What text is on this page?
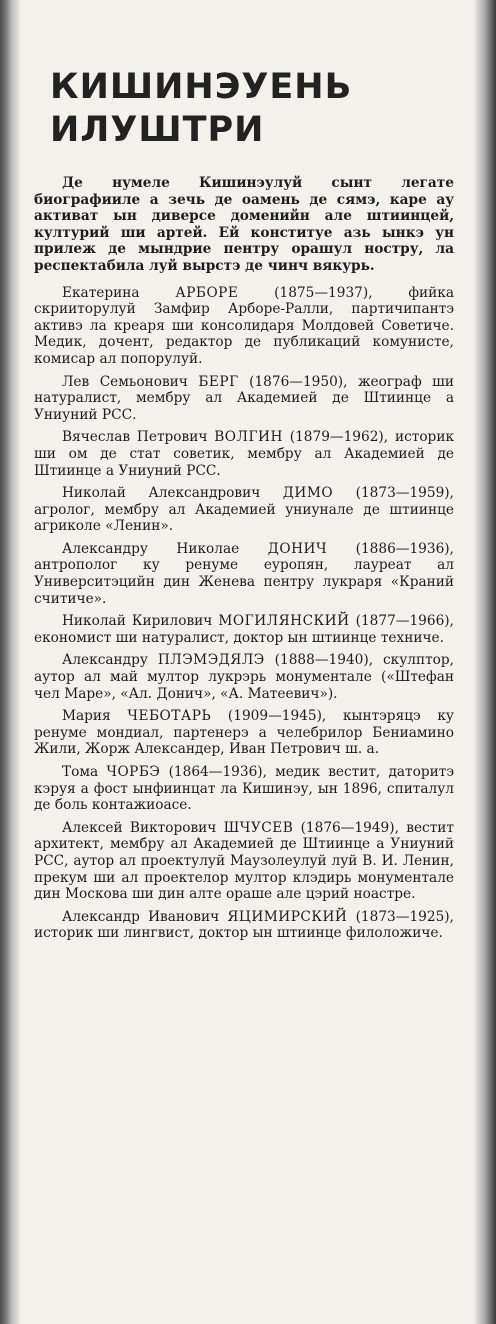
КИШИНЭУЕНЬ
ИЛУШТРИ

Де нумеле Кишинэулуй сынт легате биографииле а зечь де оамень де сямэ, каре ау активат ын диверсе доменийн але штиинцей, културий ши артей. Ей конституе азь ынкэ ун прилеж де мындрие пентру орашул ностру, ла респектабила луй вырстэ де чинч вякурь.

Екатерина АРБОРЕ (1875—1937), фийка скрииторулуй Замфир Арборе-Ралли, партичипантэ активэ ла креаря ши консолидаря Молдовей Советиче. Медик, дочент, редактор де публикаций комунисте, комисар ал попорулуй.

Лев Семьонович БЕРГ (1876—1950), жеограф ши натуралист, мембру ал Академией де Штиинце а Униуний РСС.

Вячеслав Петрович ВОЛГИН (1879—1962), историк ши ом де стат советик, мембру ал Академией де Штиинце а Униуний РСС.

Николай Александрович ДИМО (1873—1959), агролог, мембру ал Академией униунале де штиинце агриколе «Ленин».

Александру Николае ДОНИЧ (1886—1936), антрополог ку ренуме еуропян, лауреат ал Университэцийн дин Женева пентру лукраря «Краний считиче».

Николай Кирилович МОГИЛЯНСКИЙ (1877—1966), економист ши натуралист, доктор ын штиинце техниче.

Александру ПЛЭМЭДЯЛЭ (1888—1940), скулптор, аутор ал май мултор лукрэрь монументале («Штефан чел Маре», «Ал. Донич», «А. Матеевич»).

Мария ЧЕБОТАРЬ (1909—1945), кынтэряцэ ку ренуме мондиал, партенерэ а челебрилор Бениамино Жили, Жорж Александер, Иван Петрович ш. а.

Тома ЧОРБЭ (1864—1936), медик вестит, даторитэ кэруя а фост ынфиинцат ла Кишинэу, ын 1896, спиталул де боль контажиоасе.

Алексей Викторович ШЧУСЕВ (1876—1949), вестит архитект, мембру ал Академией де Штиинце а Униуний РСС, аутор ал проектулуй Маузолеулуй луй В. И. Ленин, прекум ши ал проектелор мултор клэдирь монументале дин Москова ши дин алте ораше але цэрий ноастре.

Александр Иванович ЯЦИМИРСКИЙ (1873—1925), историк ши лингвист, доктор ын штиинце филоложиче.
